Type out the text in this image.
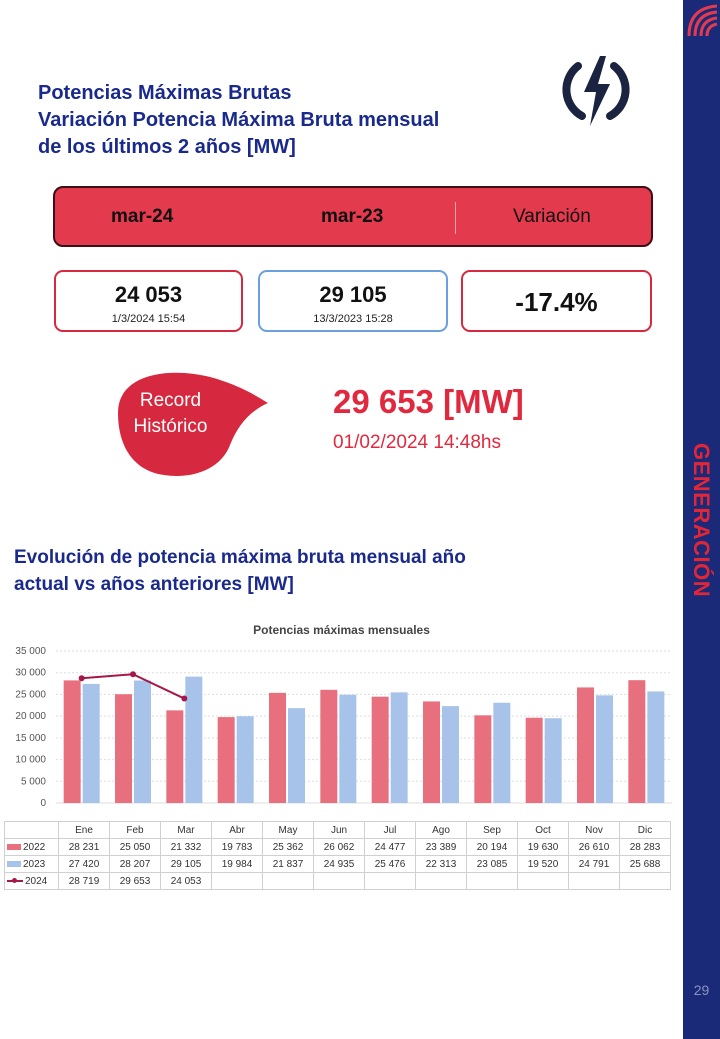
GENERACIÓN
29
Potencias Máximas Brutas
Variación Potencia Máxima Bruta mensual
de los últimos 2 años [MW]
mar-24	mar-23	Variación
24 053
1/3/2024 15:54
29 105
13/3/2023 15:28
-17.4%
Record
Histórico
29 653 [MW]
01/02/2024 14:48hs
Evolución de potencia máxima bruta mensual año
actual vs años anteriores [MW]
Potencias máximas mensuales
0
5 000
10 000
15 000
20 000
25 000
30 000
35 000
	Ene	Feb	Mar	Abr	May	Jun	Jul	Ago	Sep	Oct	Nov	Dic
2022	28 231	25 050	21 332	19 783	25 362	26 062	24 477	23 389	20 194	19 630	26 610	28 283
2023	27 420	28 207	29 105	19 984	21 837	24 935	25 476	22 313	23 085	19 520	24 791	25 688
2024	28 719	29 653	24 053									
